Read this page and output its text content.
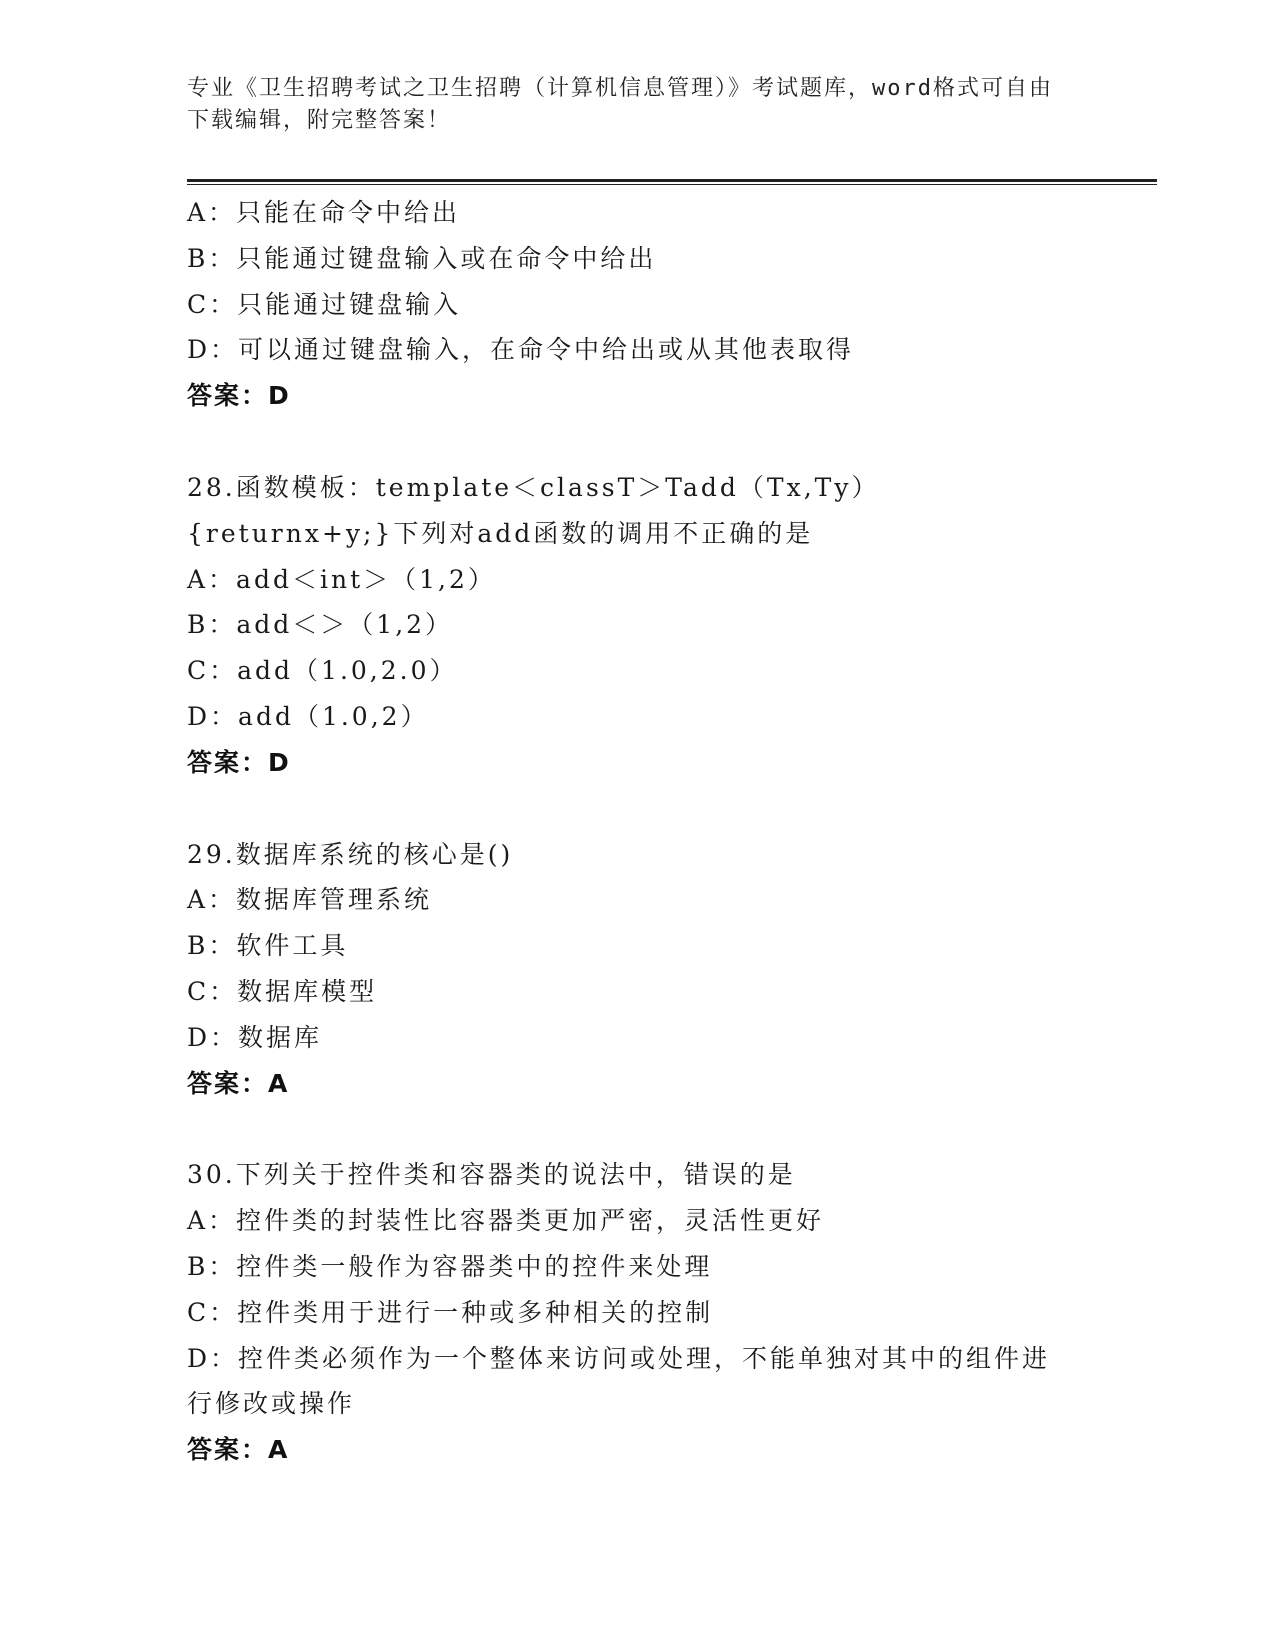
专业《卫生招聘考试之卫生招聘（计算机信息管理）》考试题库，word格式可自由下载编辑，附完整答案！
A：只能在命令中给出
B：只能通过键盘输入或在命令中给出
C：只能通过键盘输入
D：可以通过键盘输入，在命令中给出或从其他表取得
答案：D
28.函数模板：template＜classT＞Tadd（Tx,Ty）{returnx+y;}下列对add函数的调用不正确的是
A：add＜int＞（1,2）
B：add＜＞（1,2）
C：add（1.0,2.0）
D：add（1.0,2）
答案：D
29.数据库系统的核心是()
A：数据库管理系统
B：软件工具
C：数据库模型
D：数据库
答案：A
30.下列关于控件类和容器类的说法中，错误的是
A：控件类的封装性比容器类更加严密，灵活性更好
B：控件类一般作为容器类中的控件来处理
C：控件类用于进行一种或多种相关的控制
D：控件类必须作为一个整体来访问或处理，不能单独对其中的组件进行修改或操作
答案：A
